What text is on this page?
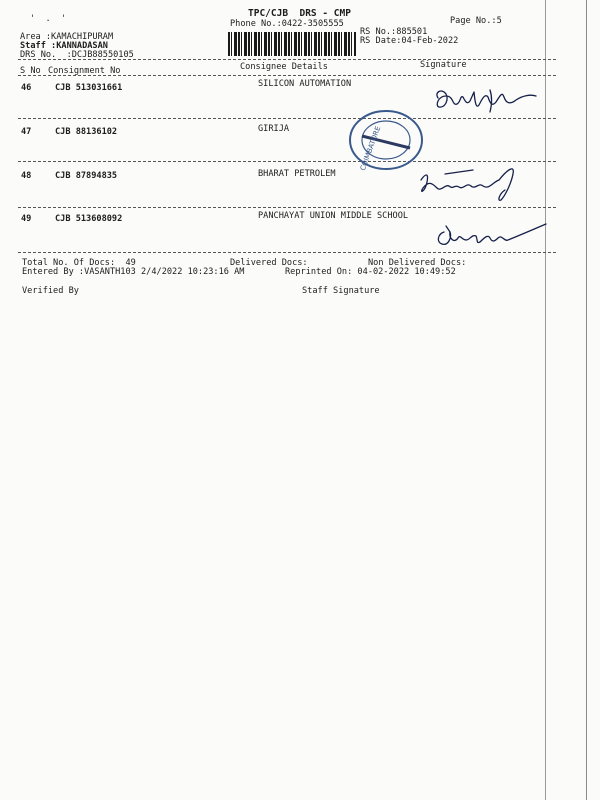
'  .  '	TPC/CJB  DRS - CMP
Phone No.:0422-3505555	Page No.:5
RS No.:885501
RS Date:04-Feb-2022
Area :KAMACHIPURAM
Staff :KANNADASAN
DRS No.  :DCJB88550105
S No Consignment No	Consignee Details	Signature
46	CJB 513031661	SILICON AUTOMATION
47	CJB 88136102	GIRIJA
48	CJB 87894835	BHARAT PETROLEM
49	CJB 513608092	PANCHAYAT UNION MIDDLE SCHOOL
COIMBATORE
Total No. Of Docs:  49	Delivered Docs:	Non Delivered Docs:
Entered By :VASANTH103 2/4/2022 10:23:16 AM	Reprinted On: 04-02-2022 10:49:52
Verified By	Staff Signature
